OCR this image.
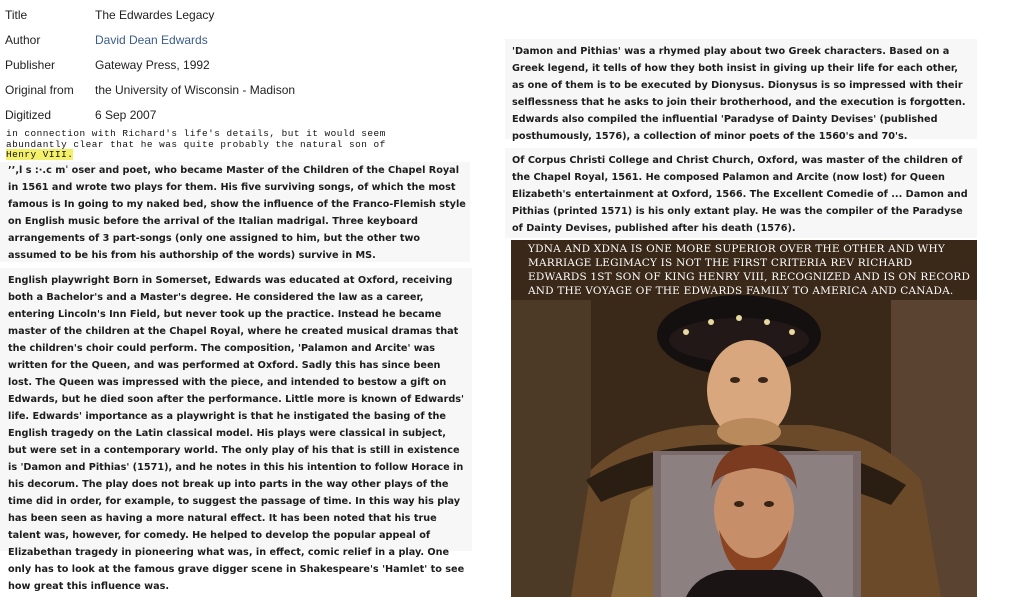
Title	The Edwardes Legacy
Author	David Dean Edwards
Publisher	Gateway Press, 1992
Original from	the University of Wisconsin - Madison
Digitized	6 Sep 2007
in connection with Richard's life's details, but it would seem
abundantly clear that he was quite probably the natural son of
Henry VIII.

’’,l s :·.c mˈ oser and poet, who became Master of the Children of the Chapel Royal in 1561 and wrote two plays for them. His five surviving songs, of which the most famous is In going to my naked bed, show the influence of the Franco-Flemish style on English music before the arrival of the Italian madrigal. Three keyboard arrangements of 3 part-songs (only one assigned to him, but the other two assumed to be his from his authorship of the words) survive in MS.

English playwright Born in Somerset, Edwards was educated at Oxford, receiving both a Bachelor's and a Master's degree. He considered the law as a career, entering Lincoln's Inn Field, but never took up the practice. Instead he became master of the children at the Chapel Royal, where he created musical dramas that the children's choir could perform. The composition, 'Palamon and Arcite' was written for the Queen, and was performed at Oxford. Sadly this has since been lost. The Queen was impressed with the piece, and intended to bestow a gift on Edwards, but he died soon after the performance. Little more is known of Edwards' life. Edwards' importance as a playwright is that he instigated the basing of the English tragedy on the Latin classical model. His plays were classical in subject, but were set in a contemporary world. The only play of his that is still in existence is 'Damon and Pithias' (1571), and he notes in this his intention to follow Horace in his decorum. The play does not break up into parts in the way other plays of the time did in order, for example, to suggest the passage of time. In this way his play has been seen as having a more natural effect. It has been noted that his true talent was, however, for comedy. He helped to develop the popular appeal of Elizabethan tragedy in pioneering what was, in effect, comic relief in a play. One only has to look at the famous grave digger scene in Shakespeare's 'Hamlet' to see how great this influence was.

'Damon and Pithias' was a rhymed play about two Greek characters. Based on a Greek legend, it tells of how they both insist in giving up their life for each other, as one of them is to be executed by Dionysus. Dionysus is so impressed with their selflessness that he asks to join their brotherhood, and the execution is forgotten. Edwards also compiled the influential 'Paradyse of Dainty Devises' (published posthumously, 1576), a collection of minor poets of the 1560's and 70's.

Of Corpus Christi College and Christ Church, Oxford, was master of the children of the Chapel Royal, 1561. He composed Palamon and Arcite (now lost) for Queen Elizabeth's entertainment at Oxford, 1566. The Excellent Comedie of ... Damon and Pithias (printed 1571) is his only extant play. He was the compiler of the Paradyse of Dainty Devises, published after his death (1576).

YDNA AND XDNA IS ONE MORE SUPERIOR OVER THE OTHER AND WHY MARRIAGE LEGIMACY IS NOT THE FIRST CRITERIA REV RICHARD EDWARDS 1ST SON OF KING HENRY VIII, RECOGNIZED AND IS ON RECORD AND THE VOYAGE OF THE EDWARDS FAMILY TO AMERICA AND CANADA.
